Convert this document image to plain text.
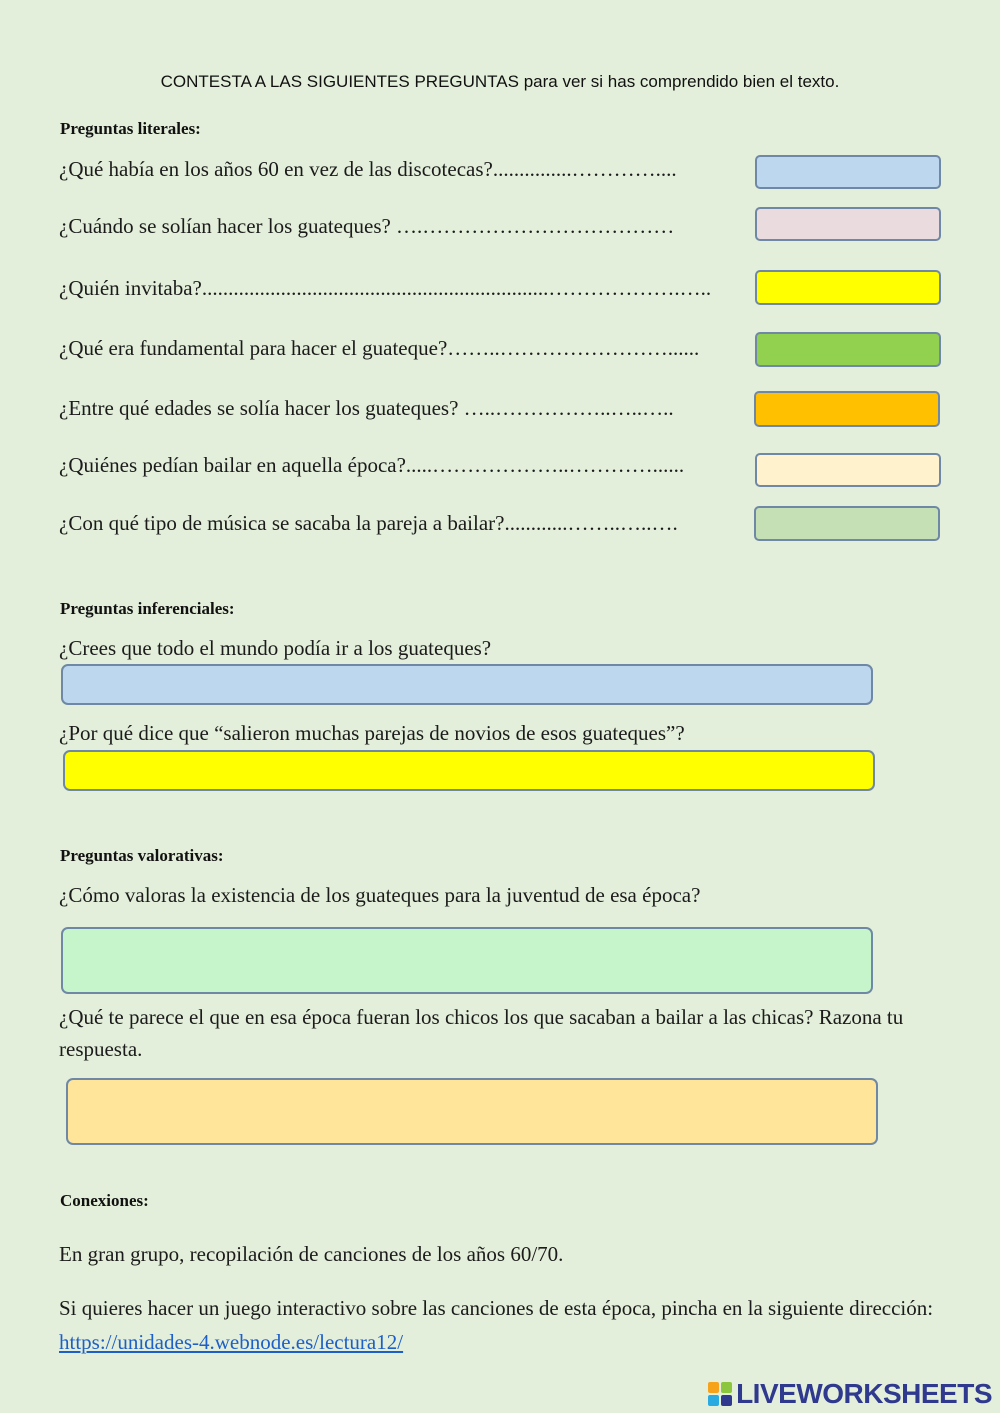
CONTESTA A LAS SIGUIENTES PREGUNTAS para ver si has comprendido bien el texto.
Preguntas literales:
¿Qué había en los años 60 en vez de las discotecas?...............…………....
¿Cuándo se solían hacer los guateques? ….………………………………
¿Quién invitaba?..................................................................……………….…..
¿Qué era fundamental para hacer el guateque?……..……………………......
¿Entre qué edades se solía hacer los guateques? …..……………..…..…..
¿Quiénes pedían bailar en aquella época?.....………………..…………......
¿Con qué tipo de música se sacaba la pareja a bailar?............……..…..….
Preguntas inferenciales:
¿Crees que todo el mundo podía ir a los guateques?
¿Por qué dice que “salieron muchas parejas de novios de esos guateques”?
Preguntas valorativas:
¿Cómo valoras la existencia de los guateques para la juventud de esa época?
¿Qué te parece el que en esa época fueran los chicos los que sacaban a bailar a las chicas? Razona tu respuesta.
Conexiones:
En gran grupo, recopilación de canciones de los años 60/70.
Si quieres hacer un juego interactivo sobre las canciones de esta época, pincha en la siguiente dirección: https://unidades-4.webnode.es/lectura12/
LIVEWORKSHEETS
